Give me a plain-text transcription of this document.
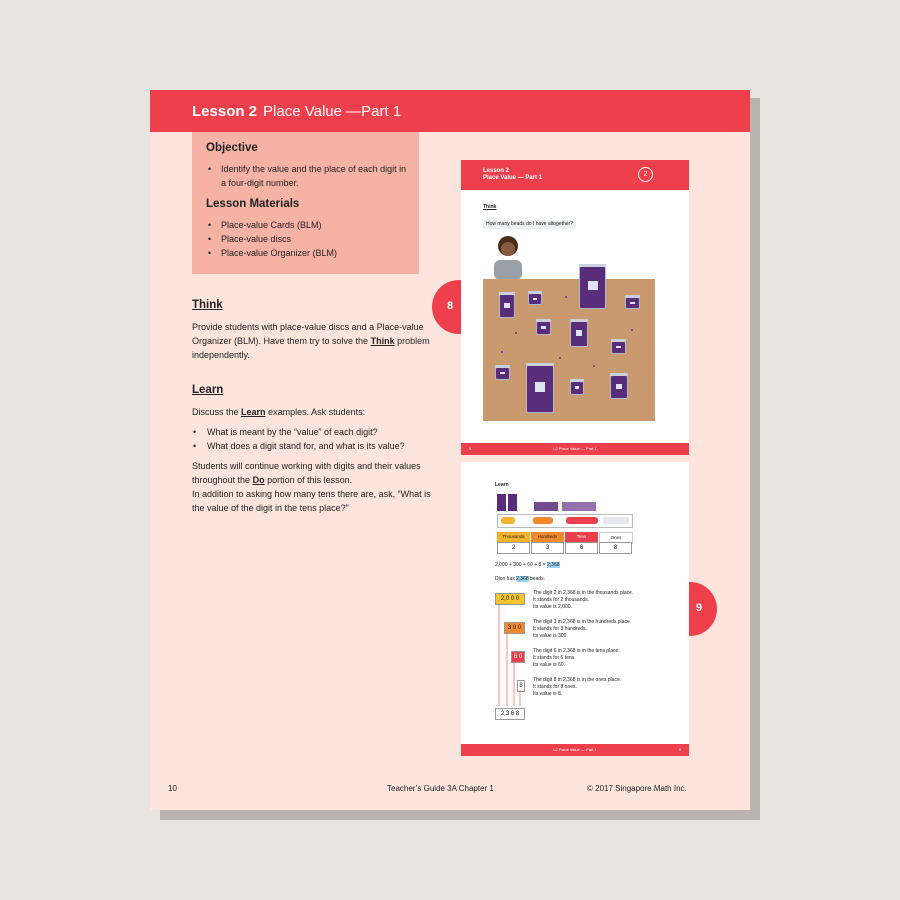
Lesson 2 Place Value —Part 1
Objective
• Identify the value and the place of each digit in a four-digit number.
Lesson Materials
• Place-value Cards (BLM)
• Place-value discs
• Place-value Organizer (BLM)
Think

Provide students with place-value discs and a Place-value Organizer (BLM). Have them try to solve the Think problem independently.

Learn

Discuss the Learn examples. Ask students:

• What is meant by the “value” of each digit?
• What does a digit stand for, and what is its value?

Students will continue working with digits and their values throughout the Do portion of this lesson.

In addition to asking how many tens there are, ask, “What is the value of the digit in the tens place?”

10	Teacher’s Guide 3A Chapter 1	© 2017 Singapore Math Inc.
8
9
Lesson 2
Place Value — Part 1	2
Think
How many beads do I have altogether?
8	L2 Place Value — Part 1
Learn
Thousands	Hundreds	Tens	Ones
2	3	6	8
2,000 + 300 + 60 + 8 = 2,368
Dion has 2,368 beads.
2,0 0 0
3 0 0
6 0
8
2,3 6 8
The digit 2 in 2,368 is in the thousands place.
It stands for 2 thousands.
Its value is 2,000.
The digit 3 in 2,368 is in the hundreds place.
It stands for 3 hundreds.
Its value is 300.
The digit 6 in 2,368 is in the tens place.
It stands for 6 tens.
Its value is 60.
The digit 8 in 2,368 is in the ones place.
It stands for 8 ones.
Its value is 8.
L2 Place Value — Part 1	9
